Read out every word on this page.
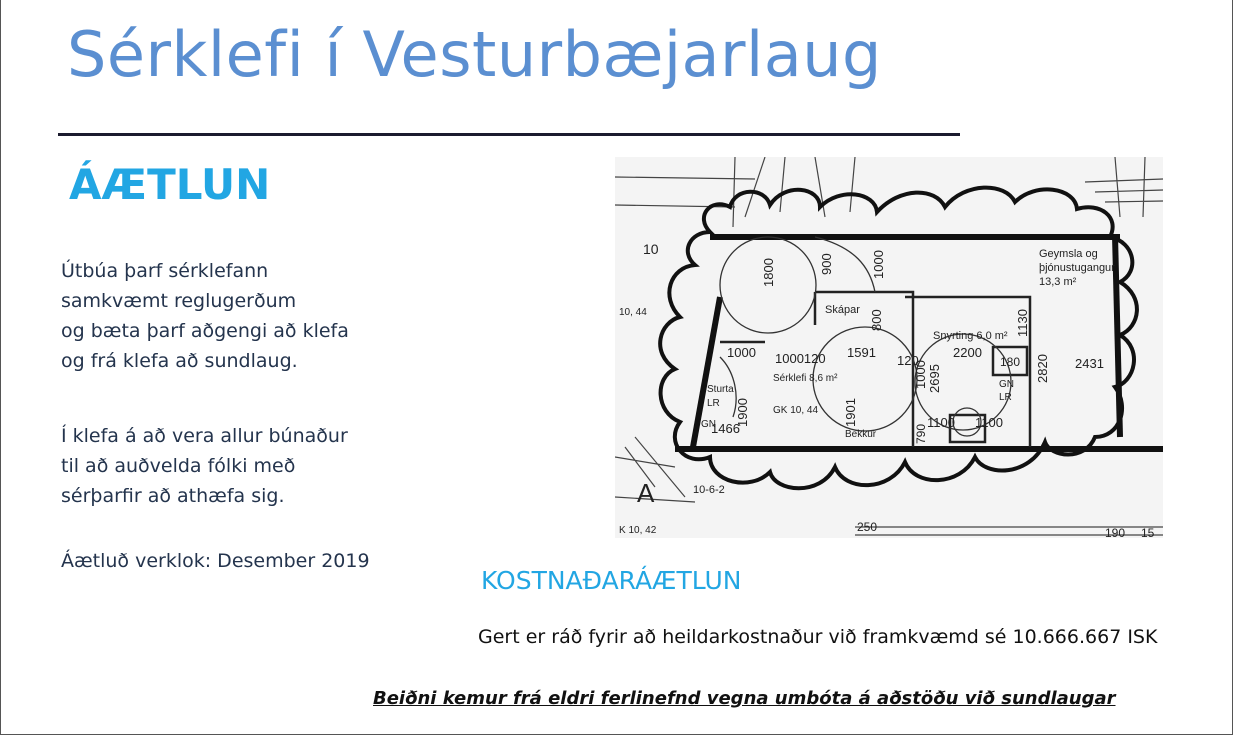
Sérklefi í Vesturbæjarlaug
ÁÆTLUN
Útbúa þarf sérklefann
samkvæmt reglugerðum
og bæta þarf aðgengi að klefa
og frá klefa að sundlaug.
Í klefa á að vera allur búnaður
til að auðvelda fólki með
sérþarfir að athæfa sig.
Áætluð verklok: Desember 2019
Geymsla og
þjónustugangur
13,3 m²
Skápar
Snyrting 6,0 m²
Sérklefi 8,6 m²
Sturta
LR
GN
GN
LR
GK 10, 44
Bekkur
10, 44
K 10, 42
10
A	10-6-2
250	190 15
1000 1000120 1591
120
2200
180	2431
1466	1100 1100
1800	900	1000
800	1130
1000 2695	2820
1900	1901
790
KOSTNAÐARÁÆTLUN
Gert er ráð fyrir að heildarkostnaður við framkvæmd sé 10.666.667 ISK
Beiðni kemur frá eldri ferlinefnd vegna umbóta á aðstöðu við sundlaugar
